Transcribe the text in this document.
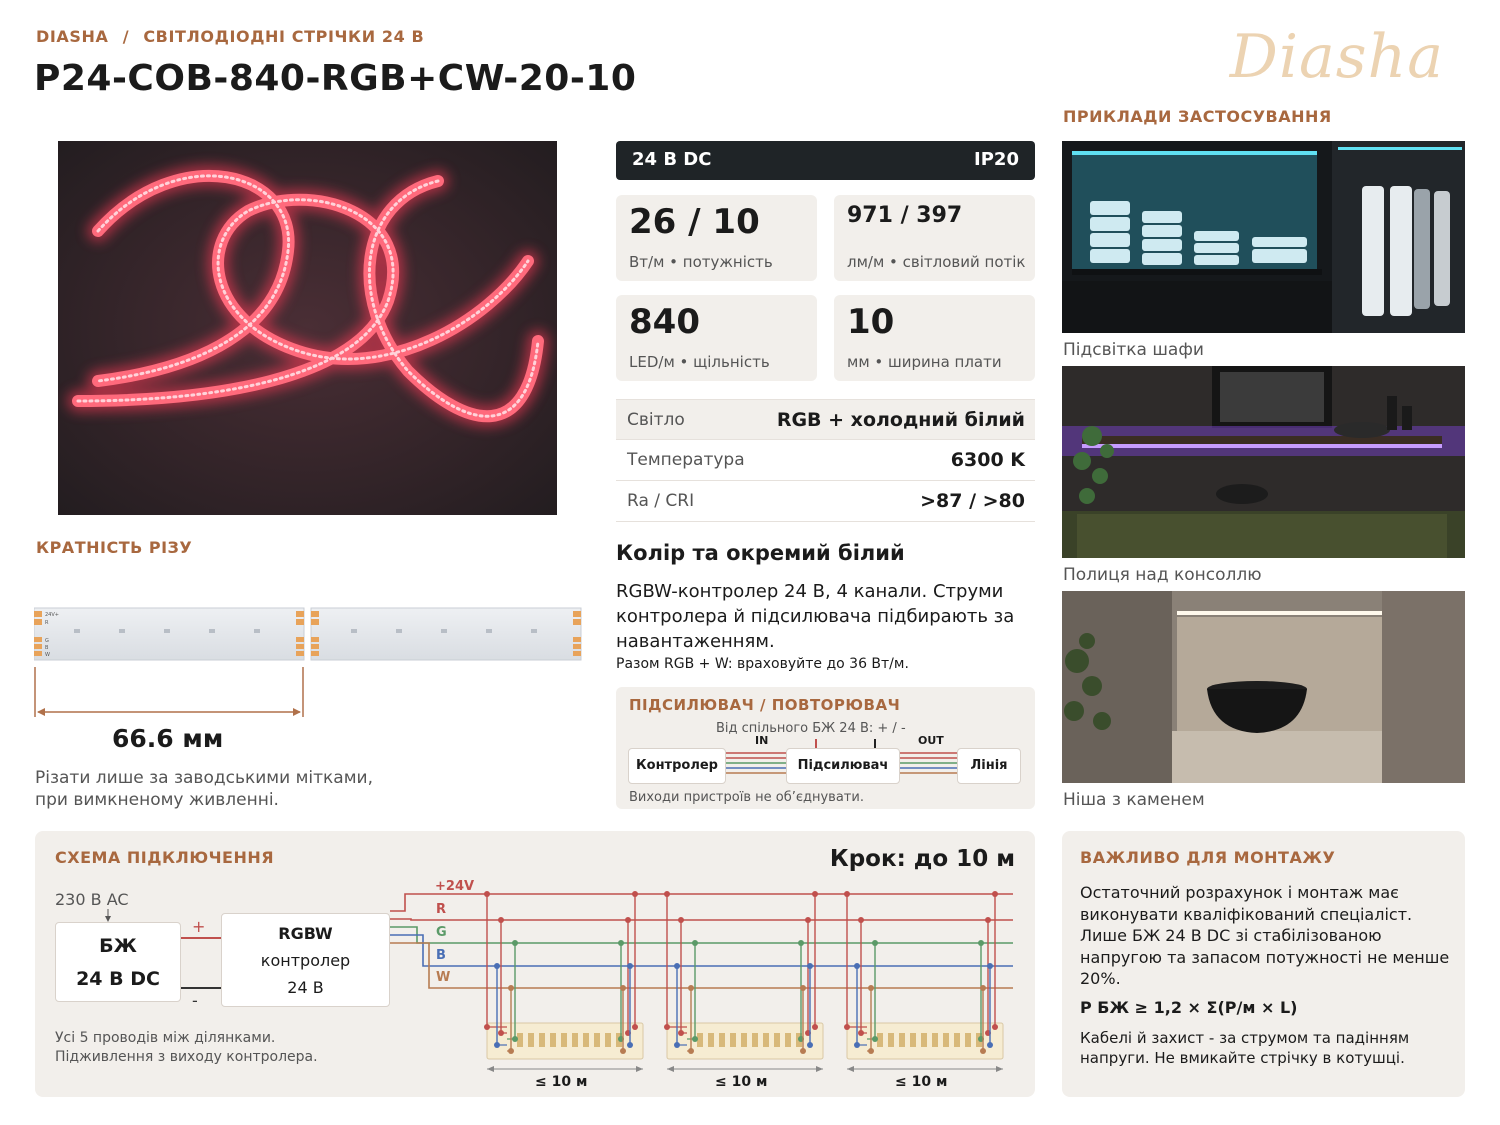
DIASHA / СВІТЛОДІОДНІ СТРІЧКИ 24 В
P24-COB-840-RGB+CW-20-10	Diasha
24 В DC	IP20
26 / 10
Вт/м • потужність
971 / 397
лм/м • світловий потік
840
LED/м • щільність
10
мм • ширина плати
Світло	RGB + холодний білий
Температура	6300 K
Ra / CRI	>87 / >80
Колір та окремий білий
RGBW-контролер 24 В, 4 канали. Струми контролера й підсилювача підбирають за навантаженням.
Разом RGB + W: враховуйте до 36 Вт/м.
ПІДСИЛЮВАЧ / ПОВТОРЮВАЧ
Від спільного БЖ 24 В: + / -
IN	OUT
Контролер	Підсилювач	Лінія
Виходи пристроїв не об’єднувати.
КРАТНІСТЬ РІЗУ
24V+
R
G
B
W
66.6 мм
Різати лише за заводськими мітками,
при вимкненому живленні.
ПРИКЛАДИ ЗАСТОСУВАННЯ
Підсвітка шафи
Полиця над консоллю
Ніша з каменем
СХЕМА ПІДКЛЮЧЕННЯ	Крок: до 10 м
230 В AC
БЖ
24 В DC
+
-
RGBW
контролер
24 В
+24V
R
G
B
W
Усі 5 проводів між ділянками.
Підживлення з виходу контролера.
≤ 10 м	≤ 10 м	≤ 10 м
ВАЖЛИВО ДЛЯ МОНТАЖУ
Остаточний розрахунок і монтаж має виконувати кваліфікований спеціаліст. Лише БЖ 24 В DC зі стабілізованою напругою та запасом потужності не менше 20%.
P БЖ ≥ 1,2 × Σ(P/м × L)
Кабелі й захист - за струмом та падінням напруги. Не вмикайте стрічку в котушці.
